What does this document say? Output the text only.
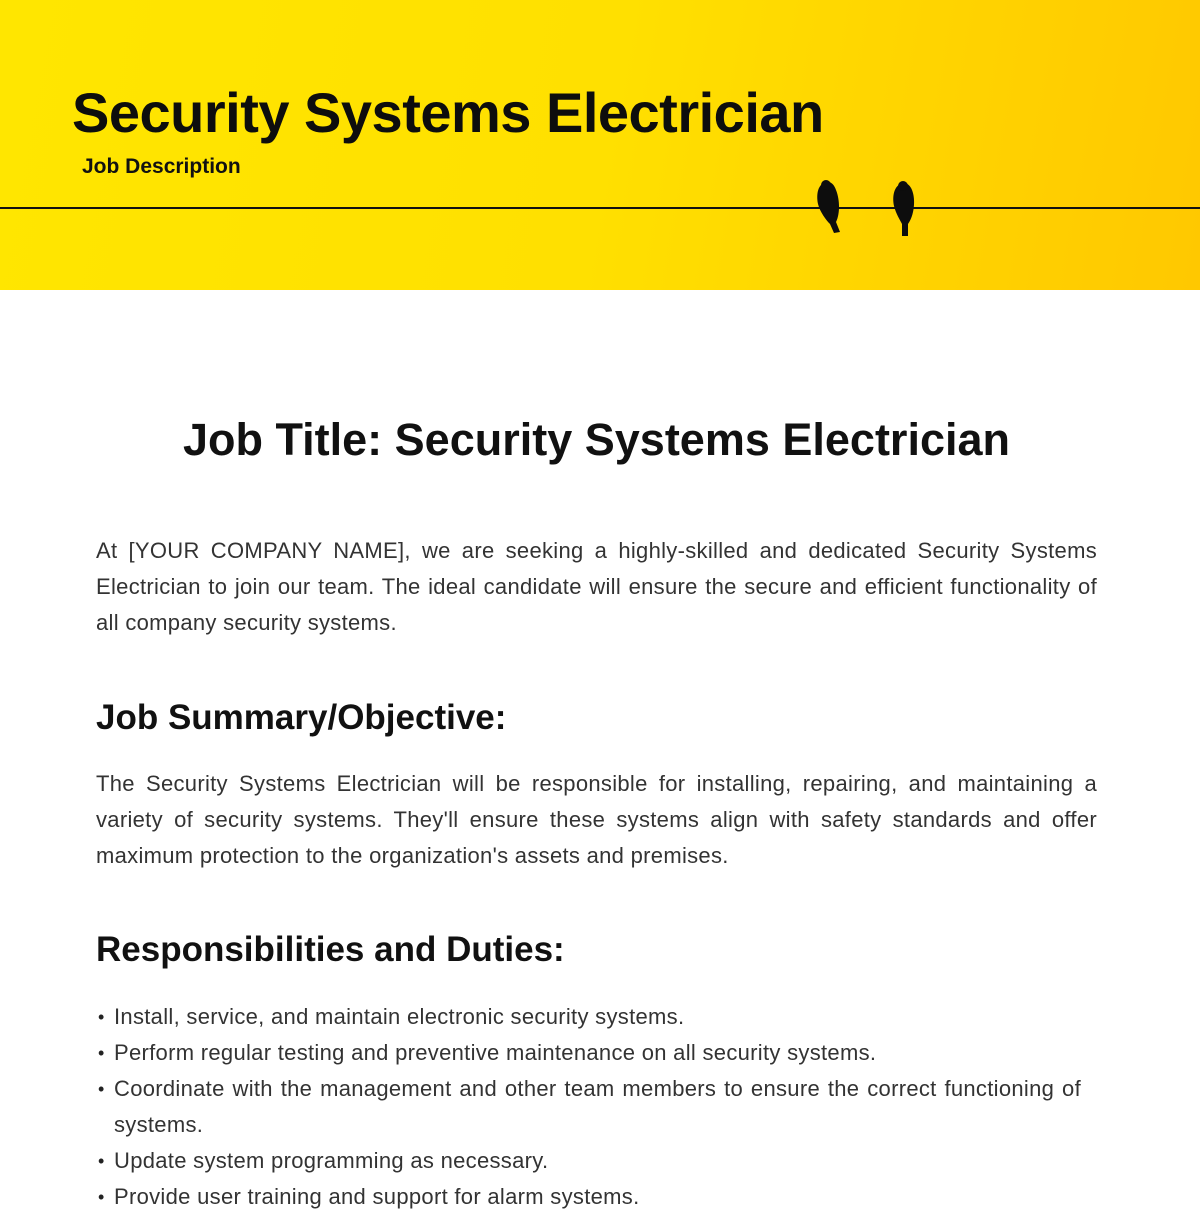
Security Systems Electrician
Job Description
Job Title: Security Systems Electrician

At [YOUR COMPANY NAME], we are seeking a highly-skilled and dedicated Security Systems Electrician to join our team. The ideal candidate will ensure the secure and efficient functionality of all company security systems.

Job Summary/Objective:

The Security Systems Electrician will be responsible for installing, repairing, and maintaining a variety of security systems. They'll ensure these systems align with safety standards and offer maximum protection to the organization's assets and premises.

Responsibilities and Duties:
• Install, service, and maintain electronic security systems.
• Perform regular testing and preventive maintenance on all security systems.
• Coordinate with the management and other team members to ensure the correct functioning of systems.
• Update system programming as necessary.
• Provide user training and support for alarm systems.
